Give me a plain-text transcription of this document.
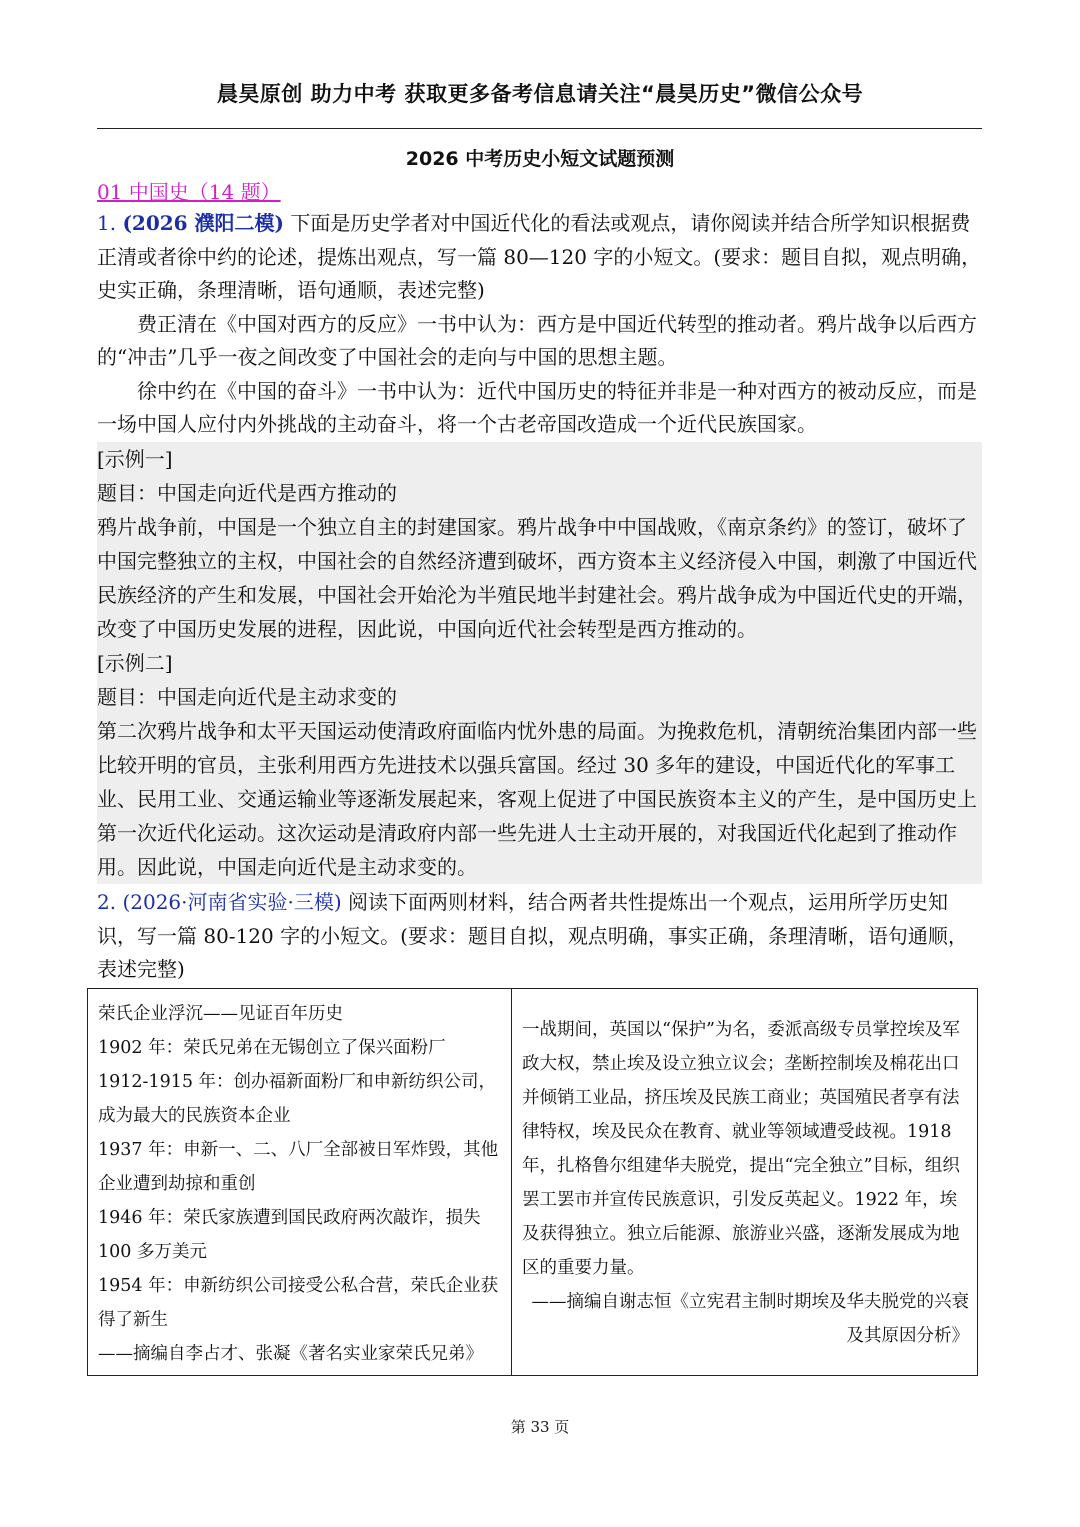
晨昊原创 助力中考 获取更多备考信息请关注“晨昊历史”微信公众号
2026 中考历史小短文试题预测
01 中国史（14 题）
1. (2026 濮阳二模) 下面是历史学者对中国近代化的看法或观点，请你阅读并结合所学知识根据费正清或者徐中约的论述，提炼出观点，写一篇 80—120 字的小短文。(要求：题目自拟，观点明确，史实正确，条理清晰，语句通顺，表述完整)
费正清在《中国对西方的反应》一书中认为：西方是中国近代转型的推动者。鸦片战争以后西方的“冲击”几乎一夜之间改变了中国社会的走向与中国的思想主题。
徐中约在《中国的奋斗》一书中认为：近代中国历史的特征并非是一种对西方的被动反应，而是一场中国人应付内外挑战的主动奋斗，将一个古老帝国改造成一个近代民族国家。
[示例一]
题目：中国走向近代是西方推动的
鸦片战争前，中国是一个独立自主的封建国家。鸦片战争中中国战败，《南京条约》的签订，破坏了中国完整独立的主权，中国社会的自然经济遭到破坏，西方资本主义经济侵入中国，刺激了中国近代民族经济的产生和发展，中国社会开始沦为半殖民地半封建社会。鸦片战争成为中国近代史的开端，改变了中国历史发展的进程，因此说，中国向近代社会转型是西方推动的。
[示例二]
题目：中国走向近代是主动求变的
第二次鸦片战争和太平天国运动使清政府面临内忧外患的局面。为挽救危机，清朝统治集团内部一些比较开明的官员，主张利用西方先进技术以强兵富国。经过 30 多年的建设，中国近代化的军事工业、民用工业、交通运输业等逐渐发展起来，客观上促进了中国民族资本主义的产生，是中国历史上第一次近代化运动。这次运动是清政府内部一些先进人士主动开展的，对我国近代化起到了推动作用。因此说，中国走向近代是主动求变的。
2. (2026·河南省实验·三模) 阅读下面两则材料，结合两者共性提炼出一个观点，运用所学历史知识，写一篇 80-120 字的小短文。(要求：题目自拟，观点明确，事实正确，条理清晰，语句通顺，表述完整)
荣氏企业浮沉——见证百年历史
1902 年：荣氏兄弟在无锡创立了保兴面粉厂
1912-1915 年：创办福新面粉厂和申新纺织公司，成为最大的民族资本企业
1937 年：申新一、二、八厂全部被日军炸毁，其他企业遭到劫掠和重创
1946 年：荣氏家族遭到国民政府两次敲诈，损失 100 多万美元
1954 年：申新纺织公司接受公私合营，荣氏企业获得了新生
——摘编自李占才、张凝《著名实业家荣氏兄弟》
一战期间，英国以“保护”为名，委派高级专员掌控埃及军政大权，禁止埃及设立独立议会；垄断控制埃及棉花出口并倾销工业品，挤压埃及民族工商业；英国殖民者享有法律特权，埃及民众在教育、就业等领域遭受歧视。1918 年，扎格鲁尔组建华夫脱党，提出“完全独立”目标，组织罢工罢市并宣传民族意识，引发反英起义。1922 年，埃及获得独立。独立后能源、旅游业兴盛，逐渐发展成为地区的重要力量。
——摘编自谢志恒《立宪君主制时期埃及华夫脱党的兴衰及其原因分析》
第 33 页
